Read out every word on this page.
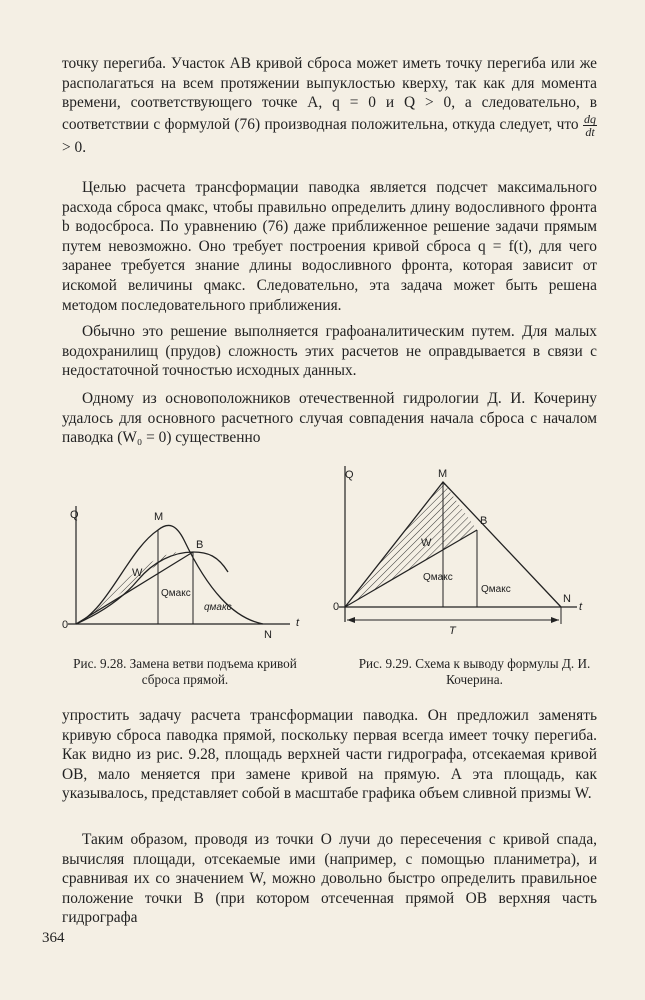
точку перегиба. Участок АВ кривой сброса может иметь точку перегиба или же располагаться на всем протяжении выпуклостью кверху, так как для момента времени, соответствующего точке А, q = 0 и Q > 0, а следовательно, в соответствии с формулой (76) производная положительна, откуда следует, что $\frac{dq}{dt}$
> 0.

Целью расчета трансформации паводка является подсчет максимального расхода сброса qмакс, чтобы правильно определить длину водосливного фронта b водосброса. По уравнению (76) даже приближенное решение задачи прямым путем невозможно. Оно требует построения кривой сброса q = f(t), для чего заранее требуется знание длины водосливного фронта, которая зависит от искомой величины qмакс. Следовательно, эта задача может быть решена методом последовательного приближения.

Обычно это решение выполняется графоаналитическим путем. Для малых водохранилищ (прудов) сложность этих расчетов не оправдывается в связи с недостаточной точностью исходных данных.

Одному из основоположников отечественной гидрологии Д. И. Кочерину удалось для основного расчетного случая совпадения начала сброса с началом паводка (W₀ = 0) существенно

Q
t
0
M
B
N
W
Qмакс
qмакс

Рис. 9.28. Замена ветви подъема кривой сброса прямой.

Q
t
0
M
B
N
W
Qмакс
Qмакс
T

Рис. 9.29. Схема к выводу формулы Д. И. Кочерина.

упростить задачу расчета трансформации паводка. Он предложил заменять кривую сброса паводка прямой, поскольку первая всегда имеет точку перегиба. Как видно из рис. 9.28, площадь верхней части гидрографа, отсекаемая кривой ОВ, мало меняется при замене кривой на прямую. А эта площадь, как указывалось, представляет собой в масштабе графика объем сливной призмы W.

Таким образом, проводя из точки О лучи до пересечения с кривой спада, вычисляя площади, отсекаемые ими (например, с помощью планиметра), и сравнивая их со значением W, можно довольно быстро определить правильное положение точки В (при котором отсеченная прямой ОВ верхняя часть гидрографа

364
